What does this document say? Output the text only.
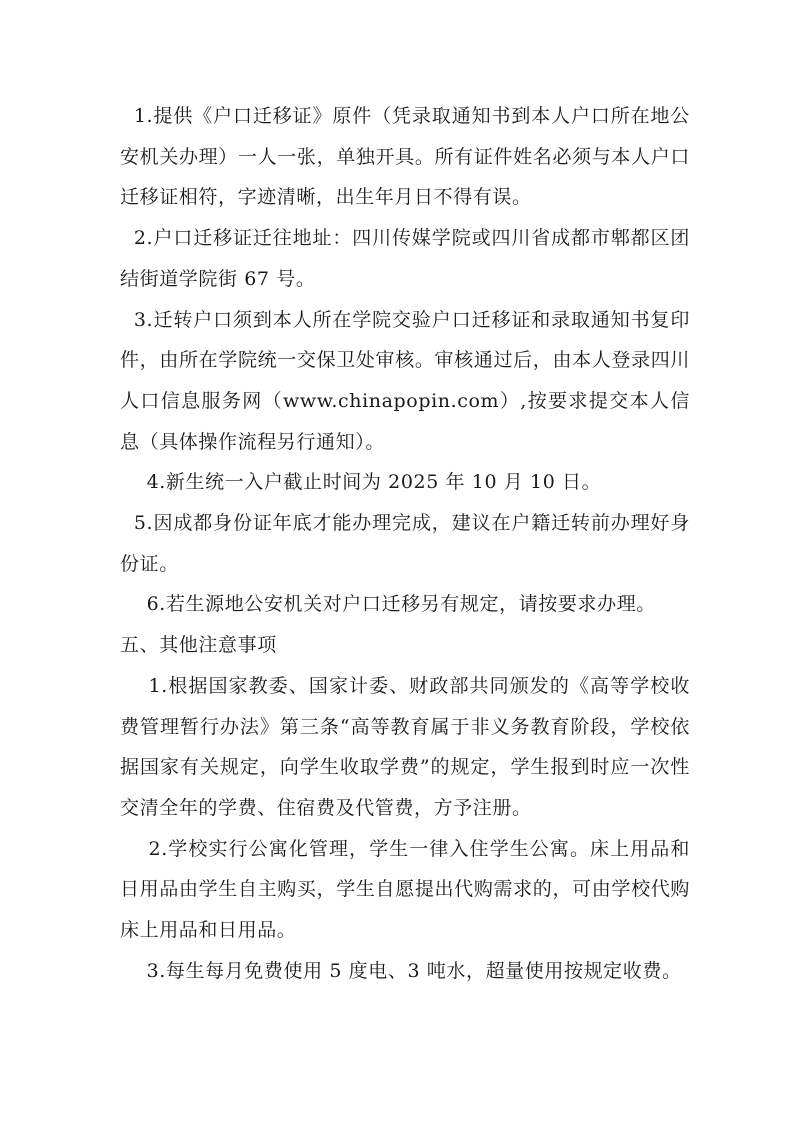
1.提供《户口迁移证》原件（凭录取通知书到本人户口所在地公安机关办理）一人一张，单独开具。所有证件姓名必须与本人户口迁移证相符，字迹清晰，出生年月日不得有误。

2.户口迁移证迁往地址：四川传媒学院或四川省成都市郫都区团结街道学院街 67 号。

3.迁转户口须到本人所在学院交验户口迁移证和录取通知书复印件，由所在学院统一交保卫处审核。审核通过后，由本人登录四川人口信息服务网（www.chinapopin.com）,按要求提交本人信息（具体操作流程另行通知）。

4.新生统一入户截止时间为 2025 年 10 月 10 日。

5.因成都身份证年底才能办理完成，建议在户籍迁转前办理好身份证。

6.若生源地公安机关对户口迁移另有规定，请按要求办理。

五、其他注意事项

1.根据国家教委、国家计委、财政部共同颁发的《高等学校收费管理暂行办法》第三条“高等教育属于非义务教育阶段，学校依据国家有关规定，向学生收取学费”的规定，学生报到时应一次性交清全年的学费、住宿费及代管费，方予注册。

2.学校实行公寓化管理，学生一律入住学生公寓。床上用品和日用品由学生自主购买，学生自愿提出代购需求的，可由学校代购床上用品和日用品。

3.每生每月免费使用 5 度电、3 吨水，超量使用按规定收费。
